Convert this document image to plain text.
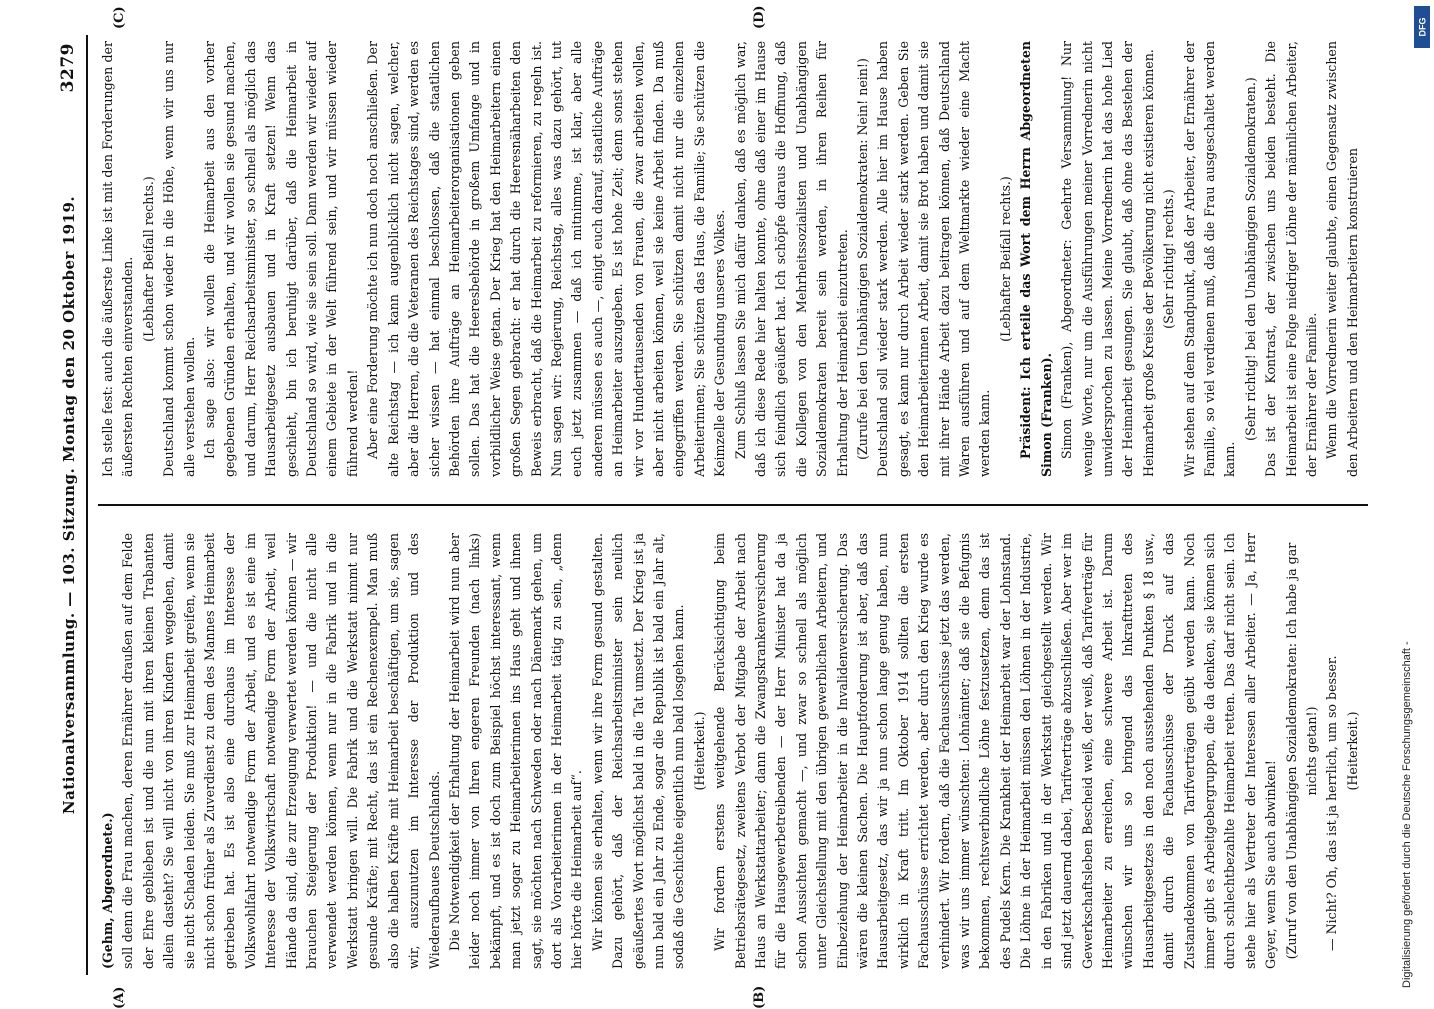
Nationalversammlung. — 103. Sitzung. Montag den 20 Oktober 1919.
3279

(Gehm, Abgeordnete.) soll denn die Frau machen, deren Ernährer draußen auf dem Felde der Ehre geblieben ist und die nun mit ihren kleinen Trabanten allein dasteht? Sie will nicht von ihren Kindern weggehen, damit sie nicht Schaden leiden. Sie muß zur Heimarbeit greifen, wenn sie nicht schon früher als Zuverdienst zu dem des Mannes Heimarbeit getrieben hat. Es ist also eine durchaus im Interesse der Volkswohlfahrt notwendige Form der Arbeit, und es ist eine im Interesse der Volkswirtschaft notwendige Form der Arbeit, weil Hände da sind, die zur Erzeugung verwertet werden können — wir brauchen Steigerung der Produktion! — und die nicht alle verwendet werden können, wenn nur in die Fabrik und in die Werkstatt bringen will. Die Fabrik und die Werkstatt nimmt nur gesunde Kräfte; mit Recht, das ist ein Rechenexempel. Man muß also die halben Kräfte mit Heimarbeit beschäftigen, um sie, sagen wir, auszunutzen im Interesse der Produktion und des Wiederaufbaues Deutschlands. Die Notwendigkeit der Erhaltung der Heimarbeit wird nun aber leider noch immer von Ihren engeren Freunden (nach links) bekämpft, und es ist doch zum Beispiel höchst interessant, wenn man jetzt sogar zu Heimarbeiterinnen ins Haus geht und ihnen sagt, sie möchten nach Schweden oder nach Dänemark gehen, um dort als Vorarbeiterinnen in der Heimarbeit tätig zu sein, „denn hier hörte die Heimarbeit auf“. Wir können sie erhalten, wenn wir ihre Form gesund gestalten. Dazu gehört, daß der Reichsarbeitsminister sein neulich geäußertes Wort möglichst bald in die Tat umsetzt. Der Krieg ist ja nun bald ein Jahr zu Ende, sogar die Republik ist bald ein Jahr alt, sodaß die Geschichte eigentlich nun bald losgehen kann. (Heiterkeit.) Wir fordern erstens weitgehende Berücksichtigung beim Betriebsrätegesetz, zweitens Verbot der Mitgabe der Arbeit nach Haus an Werkstattarbeiter; dann die Zwangskrankenversicherung für die Hausgewerbetreibenden — der Herr Minister hat da ja schon Aussichten gemacht —, und zwar so schnell als möglich unter Gleichstellung mit den übrigen gewerblichen Arbeitern, und Einbeziehung der Heimarbeiter in die Invalidenversicherung. Das wären die kleinen Sachen. Die Hauptforderung ist aber, daß das Hausarbeitgesetz, das wir ja nun schon lange genug haben, nun wirklich in Kraft tritt. Im Oktober 1914 sollten die ersten Fachausschüsse errichtet werden, aber durch den Krieg wurde es verhindert. Wir fordern, daß die Fachausschüsse jetzt das werden, was wir uns immer wünschten: Lohnämter; daß sie die Befugnis bekommen, rechtsverbindliche Löhne festzusetzen, denn das ist des Pudels Kern. Die Krankheit der Heimarbeit war der Lohnstand. Die Löhne in der Heimarbeit müssen den Löhnen in der Industrie, in den Fabriken und in der Werkstatt gleichgestellt werden. Wir sind jetzt dauernd dabei, Tarifverträge abzuschließen. Aber wer im Gewerkschaftsleben Bescheid weiß, der weiß, daß Tarifverträge für Heimarbeiter zu erreichen, eine schwere Arbeit ist. Darum wünschen wir uns so bringend das Inkrafttreten des Hausarbeitgesetzes in den noch ausstehenden Punkten § 18 usw., damit durch die Fachausschüsse der Druck auf das Zustandekommen von Tarifverträgen geübt werden kann. Noch immer gibt es Arbeitgebergruppen, die da denken, sie können sich durch schlechtbezahlte Heimarbeit retten. Das darf nicht sein. Ich stehe hier als Vertreter der Interessen aller Arbeiter. — Ja, Herr Geyer, wenn Sie auch abwinken! (Zuruf von den Unabhängigen Sozialdemokraten: Ich habe ja gar nichts getan!) — Nicht? Oh, das ist ja herrlich, um so besser. (Heiterkeit.)

Ich stelle fest: auch die äußerste Linke ist mit den Forderungen der äußersten Rechten einverstanden. (Lebhafter Beifall rechts.) Deutschland kommt schon wieder in die Höhe, wenn wir uns nur alle verstehen wollen. Ich sage also: wir wollen die Heimarbeit aus den vorher gegebenen Gründen erhalten, und wir wollen sie gesund machen, und darum, Herr Reichsarbeitsminister, so schnell als möglich das Hausarbeitgesetz ausbauen und in Kraft setzen! Wenn das geschieht, bin ich beruhigt darüber, daß die Heimarbeit in Deutschland so wird, wie sie sein soll. Dann werden wir wieder auf einem Gebiete in der Welt führend sein, und wir müssen wieder führend werden! Aber eine Forderung möchte ich nun doch noch anschließen. Der alte Reichstag — ich kann augenblicklich nicht sagen, welcher, aber die Herren, die die Veteranen des Reichstages sind, werden es sicher wissen — hat einmal beschlossen, daß die staatlichen Behörden ihre Aufträge an Heimarbeiterorganisationen geben sollen. Das hat die Heeresbehörde in großem Umfange und in vorbildlicher Weise getan. Der Krieg hat den Heimarbeitern einen großen Segen gebracht: er hat durch die Heeresnäharbeiten den Beweis erbracht, daß die Heimarbeit zu reformieren, zu regeln ist. Nun sagen wir: Regierung, Reichstag, alles was dazu gehört, tut euch jetzt zusammen — daß ich mitnimme, ist klar, aber alle anderen müssen es auch —, einigt euch darauf, staatliche Aufträge an Heimarbeiter auszugeben. Es ist hohe Zeit; denn sonst stehen wir vor Hunderttausenden von Frauen, die zwar arbeiten wollen, aber nicht arbeiten können, weil sie keine Arbeit finden. Da muß eingegriffen werden. Sie schützen damit nicht nur die einzelnen Arbeiterinnen; Sie schützen das Haus, die Familie; Sie schützen die Keimzelle der Gesundung unseres Volkes. Zum Schluß lassen Sie mich dafür danken, daß es möglich war, daß ich diese Rede hier halten konnte, ohne daß einer im Hause sich feindlich geäußert hat. Ich schöpfe daraus die Hoffnung, daß die Kollegen von den Mehrheitssozialisten und Unabhängigen Sozialdemokraten bereit sein werden, in ihren Reihen für Erhaltung der Heimarbeit einzutreten. (Zurufe bei den Unabhängigen Sozialdemokraten: Nein! nein!) Deutschland soll wieder stark werden. Alle hier im Hause haben gesagt, es kann nur durch Arbeit wieder stark werden. Geben Sie den Heimarbeiterinnen Arbeit, damit sie Brot haben und damit sie mit ihrer Hände Arbeit dazu beitragen können, daß Deutschland Waren ausführen und auf dem Weltmarkte wieder eine Macht werden kann.

(Lebhafter Beifall rechts.) Präsident: Ich erteile das Wort dem Herrn Abgeordneten Simon (Franken). Simon (Franken), Abgeordneter: Geehrte Versammlung! Nur wenige Worte, nur um die Ausführungen meiner Vorrednerin nicht unwidersprochen zu lassen. Meine Vorrednerin hat das hohe Lied der Heimarbeit gesungen. Sie glaubt, daß ohne das Bestehen der Heimarbeit große Kreise der Bevölkerung nicht existieren können. (Sehr richtig! rechts.) Wir stehen auf dem Standpunkt, daß der Arbeiter, der Ernährer der Familie, so viel verdienen muß, daß die Frau ausgeschaltet werden kann.

(Sehr richtig! bei den Unabhängigen Sozialdemokraten.) Das ist der Kontrast, der zwischen uns beiden besteht. Die Heimarbeit ist eine Folge niedriger Löhne der männlichen Arbeiter, der Ernährer der Familie. Wenn die Vorrednerin weiter glaubte, einen Gegensatz zwischen den Arbeitern und den Heimarbeitern konstruieren

(A)	(B)
(C)	(D)
Digitalisierung gefördert durch die Deutsche Forschungsgemeinschaft -
DFG
